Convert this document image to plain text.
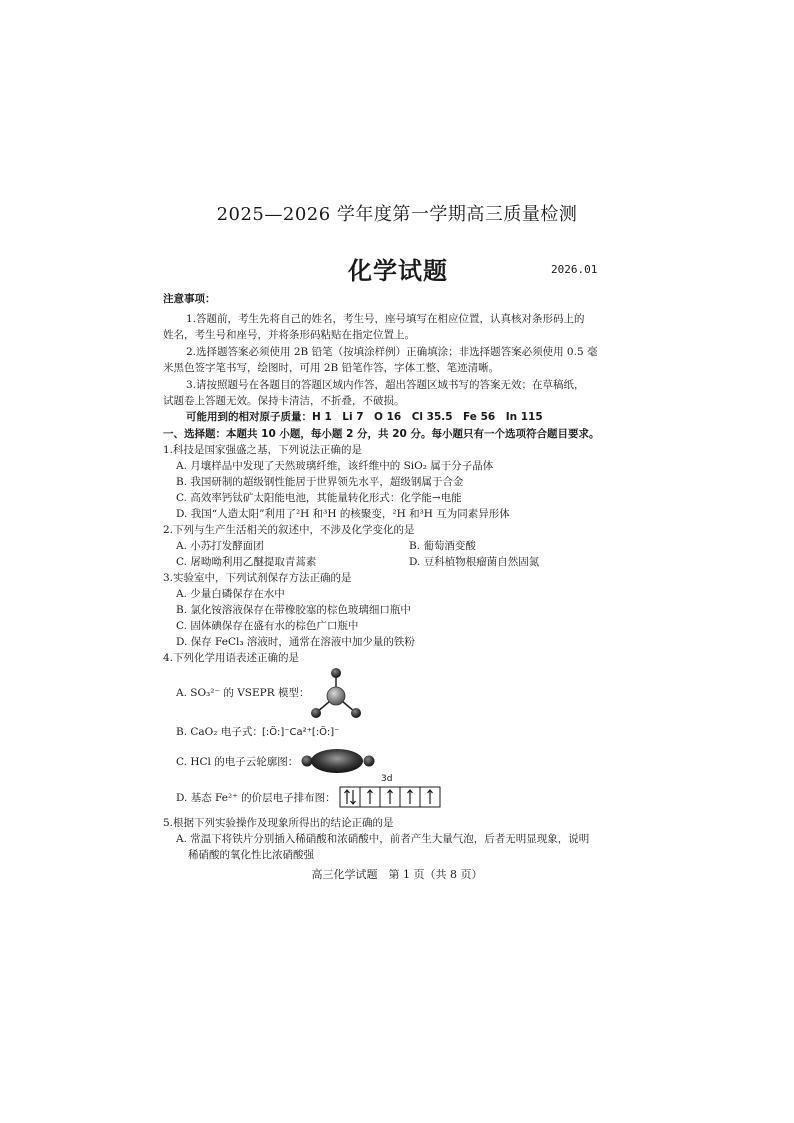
2025—2026 学年度第一学期高三质量检测
化学试题	2026.01
注意事项：
1.答题前，考生先将自己的姓名，考生号，座号填写在相应位置，认真核对条形码上的
姓名，考生号和座号，并将条形码粘贴在指定位置上。
2.选择题答案必须使用 2B 铅笔（按填涂样例）正确填涂；非选择题答案必须使用 0.5 毫
米黑色签字笔书写，绘图时，可用 2B 铅笔作答，字体工整、笔迹清晰。
3.请按照题号在各题目的答题区域内作答，超出答题区域书写的答案无效；在草稿纸，
试题卷上答题无效。保持卡清洁，不折叠，不破损。
可能用到的相对原子质量：H 1　Li 7　O 16　Cl 35.5　Fe 56　In 115
一、选择题：本题共 10 小题，每小题 2 分，共 20 分。每小题只有一个选项符合题目要求。
1.科技是国家强盛之基，下列说法正确的是
A. 月壤样品中发现了天然玻璃纤维，该纤维中的 SiO₂ 属于分子晶体
B. 我国研制的超级钢性能居于世界领先水平，超级钢属于合金
C. 高效率钙钛矿太阳能电池，其能量转化形式：化学能→电能
D. 我国“人造太阳”利用了²H 和³H 的核聚变，²H 和³H 互为同素异形体
2.下列与生产生活相关的叙述中，不涉及化学变化的是
A. 小苏打发酵面团	B. 葡萄酒变酸
C. 屠呦呦利用乙醚提取青蒿素	D. 豆科植物根瘤菌自然固氮
3.实验室中，下列试剂保存方法正确的是
A. 少量白磷保存在水中
B. 氯化铵溶液保存在带橡胶塞的棕色玻璃细口瓶中
C. 固体碘保存在盛有水的棕色广口瓶中
D. 保存 FeCl₃ 溶液时，通常在溶液中加少量的铁粉
4.下列化学用语表述正确的是
A. SO₃²⁻ 的 VSEPR 模型：
B. CaO₂ 电子式： [:Ö:]⁻Ca²⁺[:Ö:]⁻
C. HCl 的电子云轮廓图：
D. 基态 Fe²⁺ 的价层电子排布图：
3d
5.根据下列实验操作及现象所得出的结论正确的是
A. 常温下将铁片分别插入稀硝酸和浓硝酸中，前者产生大量气泡，后者无明显现象，说明
稀硝酸的氧化性比浓硝酸强
高三化学试题　第 1 页（共 8 页）
